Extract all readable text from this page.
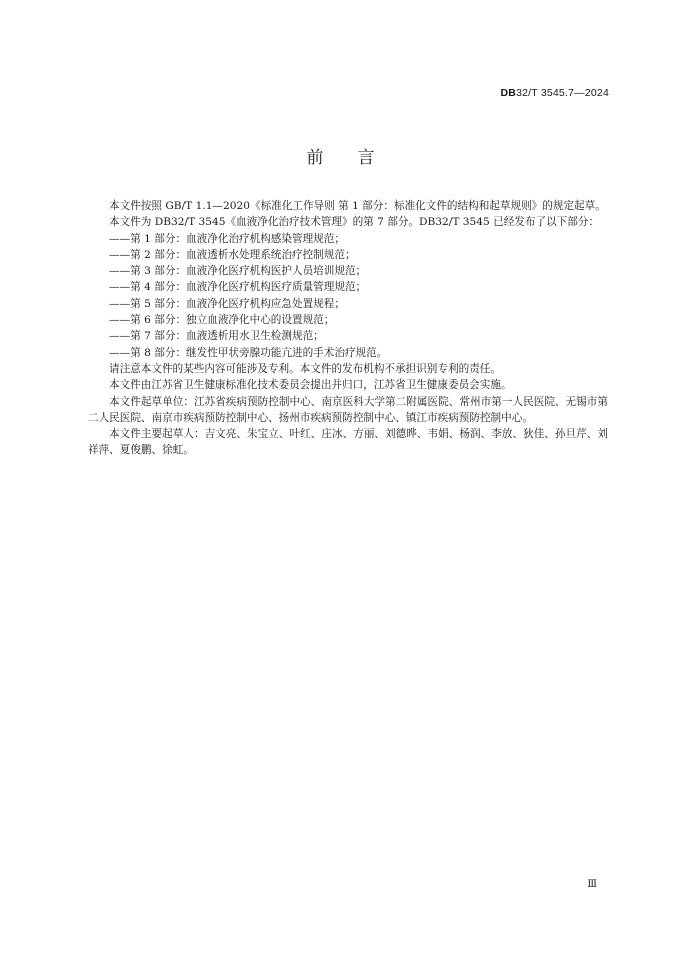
DB32/T 3545.7—2024
前 言

本文件按照 GB/T 1.1—2020《标准化工作导则 第 1 部分：标准化文件的结构和起草规则》的规定起草。

本文件为 DB32/T 3545《血液净化治疗技术管理》的第 7 部分。DB32/T 3545 已经发布了以下部分：

——第 1 部分：血液净化治疗机构感染管理规范；

——第 2 部分：血液透析水处理系统治疗控制规范；

——第 3 部分：血液净化医疗机构医护人员培训规范；

——第 4 部分：血液净化医疗机构医疗质量管理规范；

——第 5 部分：血液净化医疗机构应急处置规程；

——第 6 部分：独立血液净化中心的设置规范；

——第 7 部分：血液透析用水卫生检测规范；

——第 8 部分：继发性甲状旁腺功能亢进的手术治疗规范。

请注意本文件的某些内容可能涉及专利。本文件的发布机构不承担识别专利的责任。

本文件由江苏省卫生健康标准化技术委员会提出并归口，江苏省卫生健康委员会实施。

本文件起草单位：江苏省疾病预防控制中心、南京医科大学第二附属医院、常州市第一人民医院、无锡市第二人民医院、南京市疾病预防控制中心、扬州市疾病预防控制中心、镇江市疾病预防控制中心。

本文件主要起草人：吉文亮、朱宝立、叶红、庄冰、方丽、刘德晔、韦娟、杨润、李放、狄佳、孙旦芹、刘祥萍、夏俊鹏、徐虹。

Ⅲ
